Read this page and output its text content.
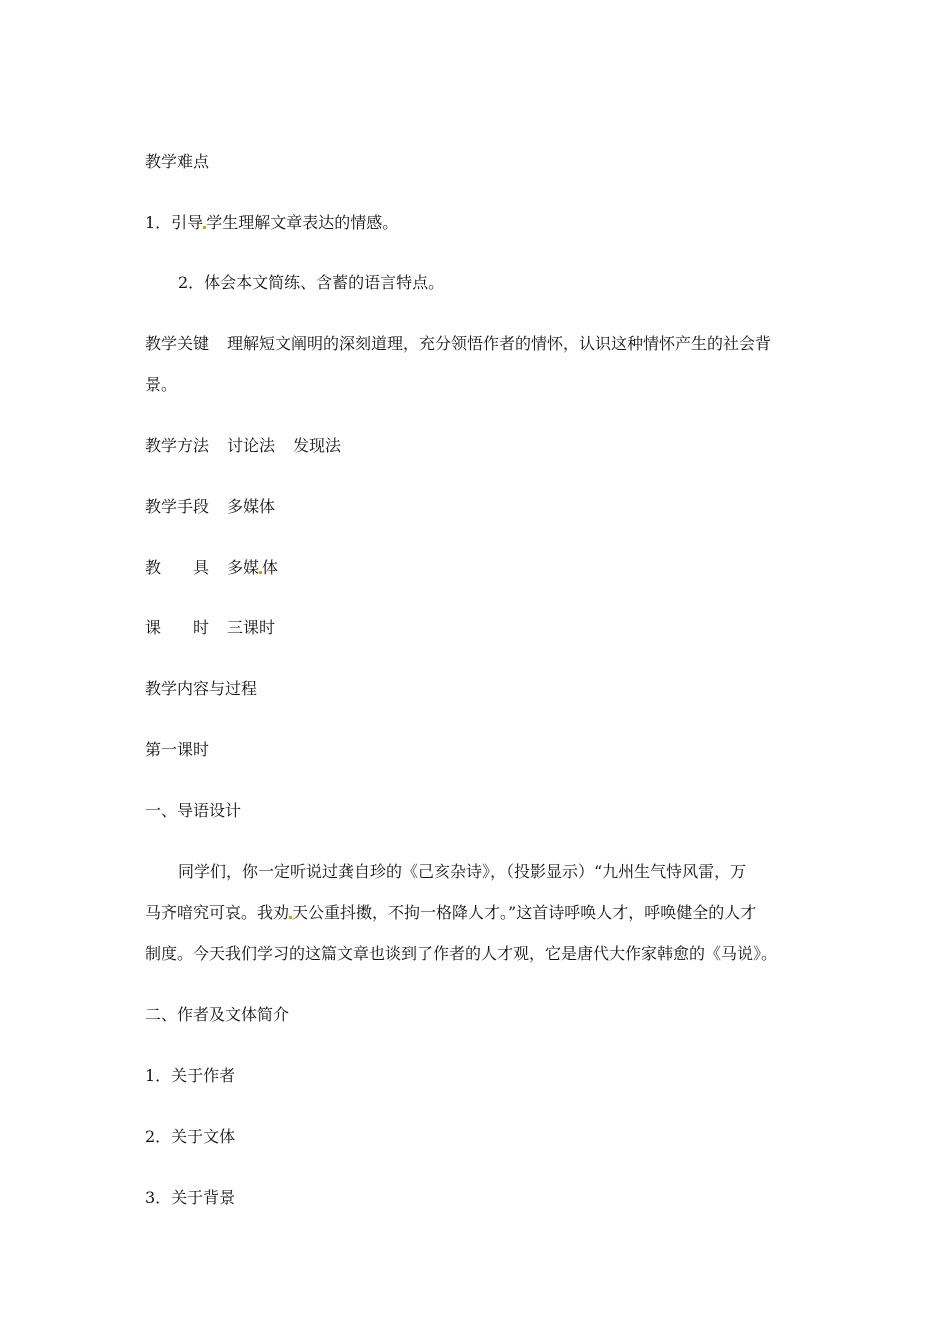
教学难点
1．引导 学生理解文章表达的情感。
2．体会本文简练、含蓄的语言特点。
教学关键 理解短文阐明的深刻道理，充分领悟作者的情怀，认识这种情怀产生的社会背
景。
教学方法 讨论法 发现法
教学手段 多媒体
教 具 多媒 体
课 时 三课时
教学内容与过程
第一课时
一、导语设计
同学们，你一定听说过龚自珍的《己亥杂诗》，（投影显示）“九州生气恃风雷，万
马齐喑究可哀。我劝 天公重抖擞，不拘一格降人才。”这首诗呼唤人才，呼唤健全的人才
制度。今天我们学习的这篇文章也谈到了作者的人才观，它是唐代大作家韩愈的《马说》。
二、作者及文体简介
1．关于作者
2．关于文体
3．关于背景
